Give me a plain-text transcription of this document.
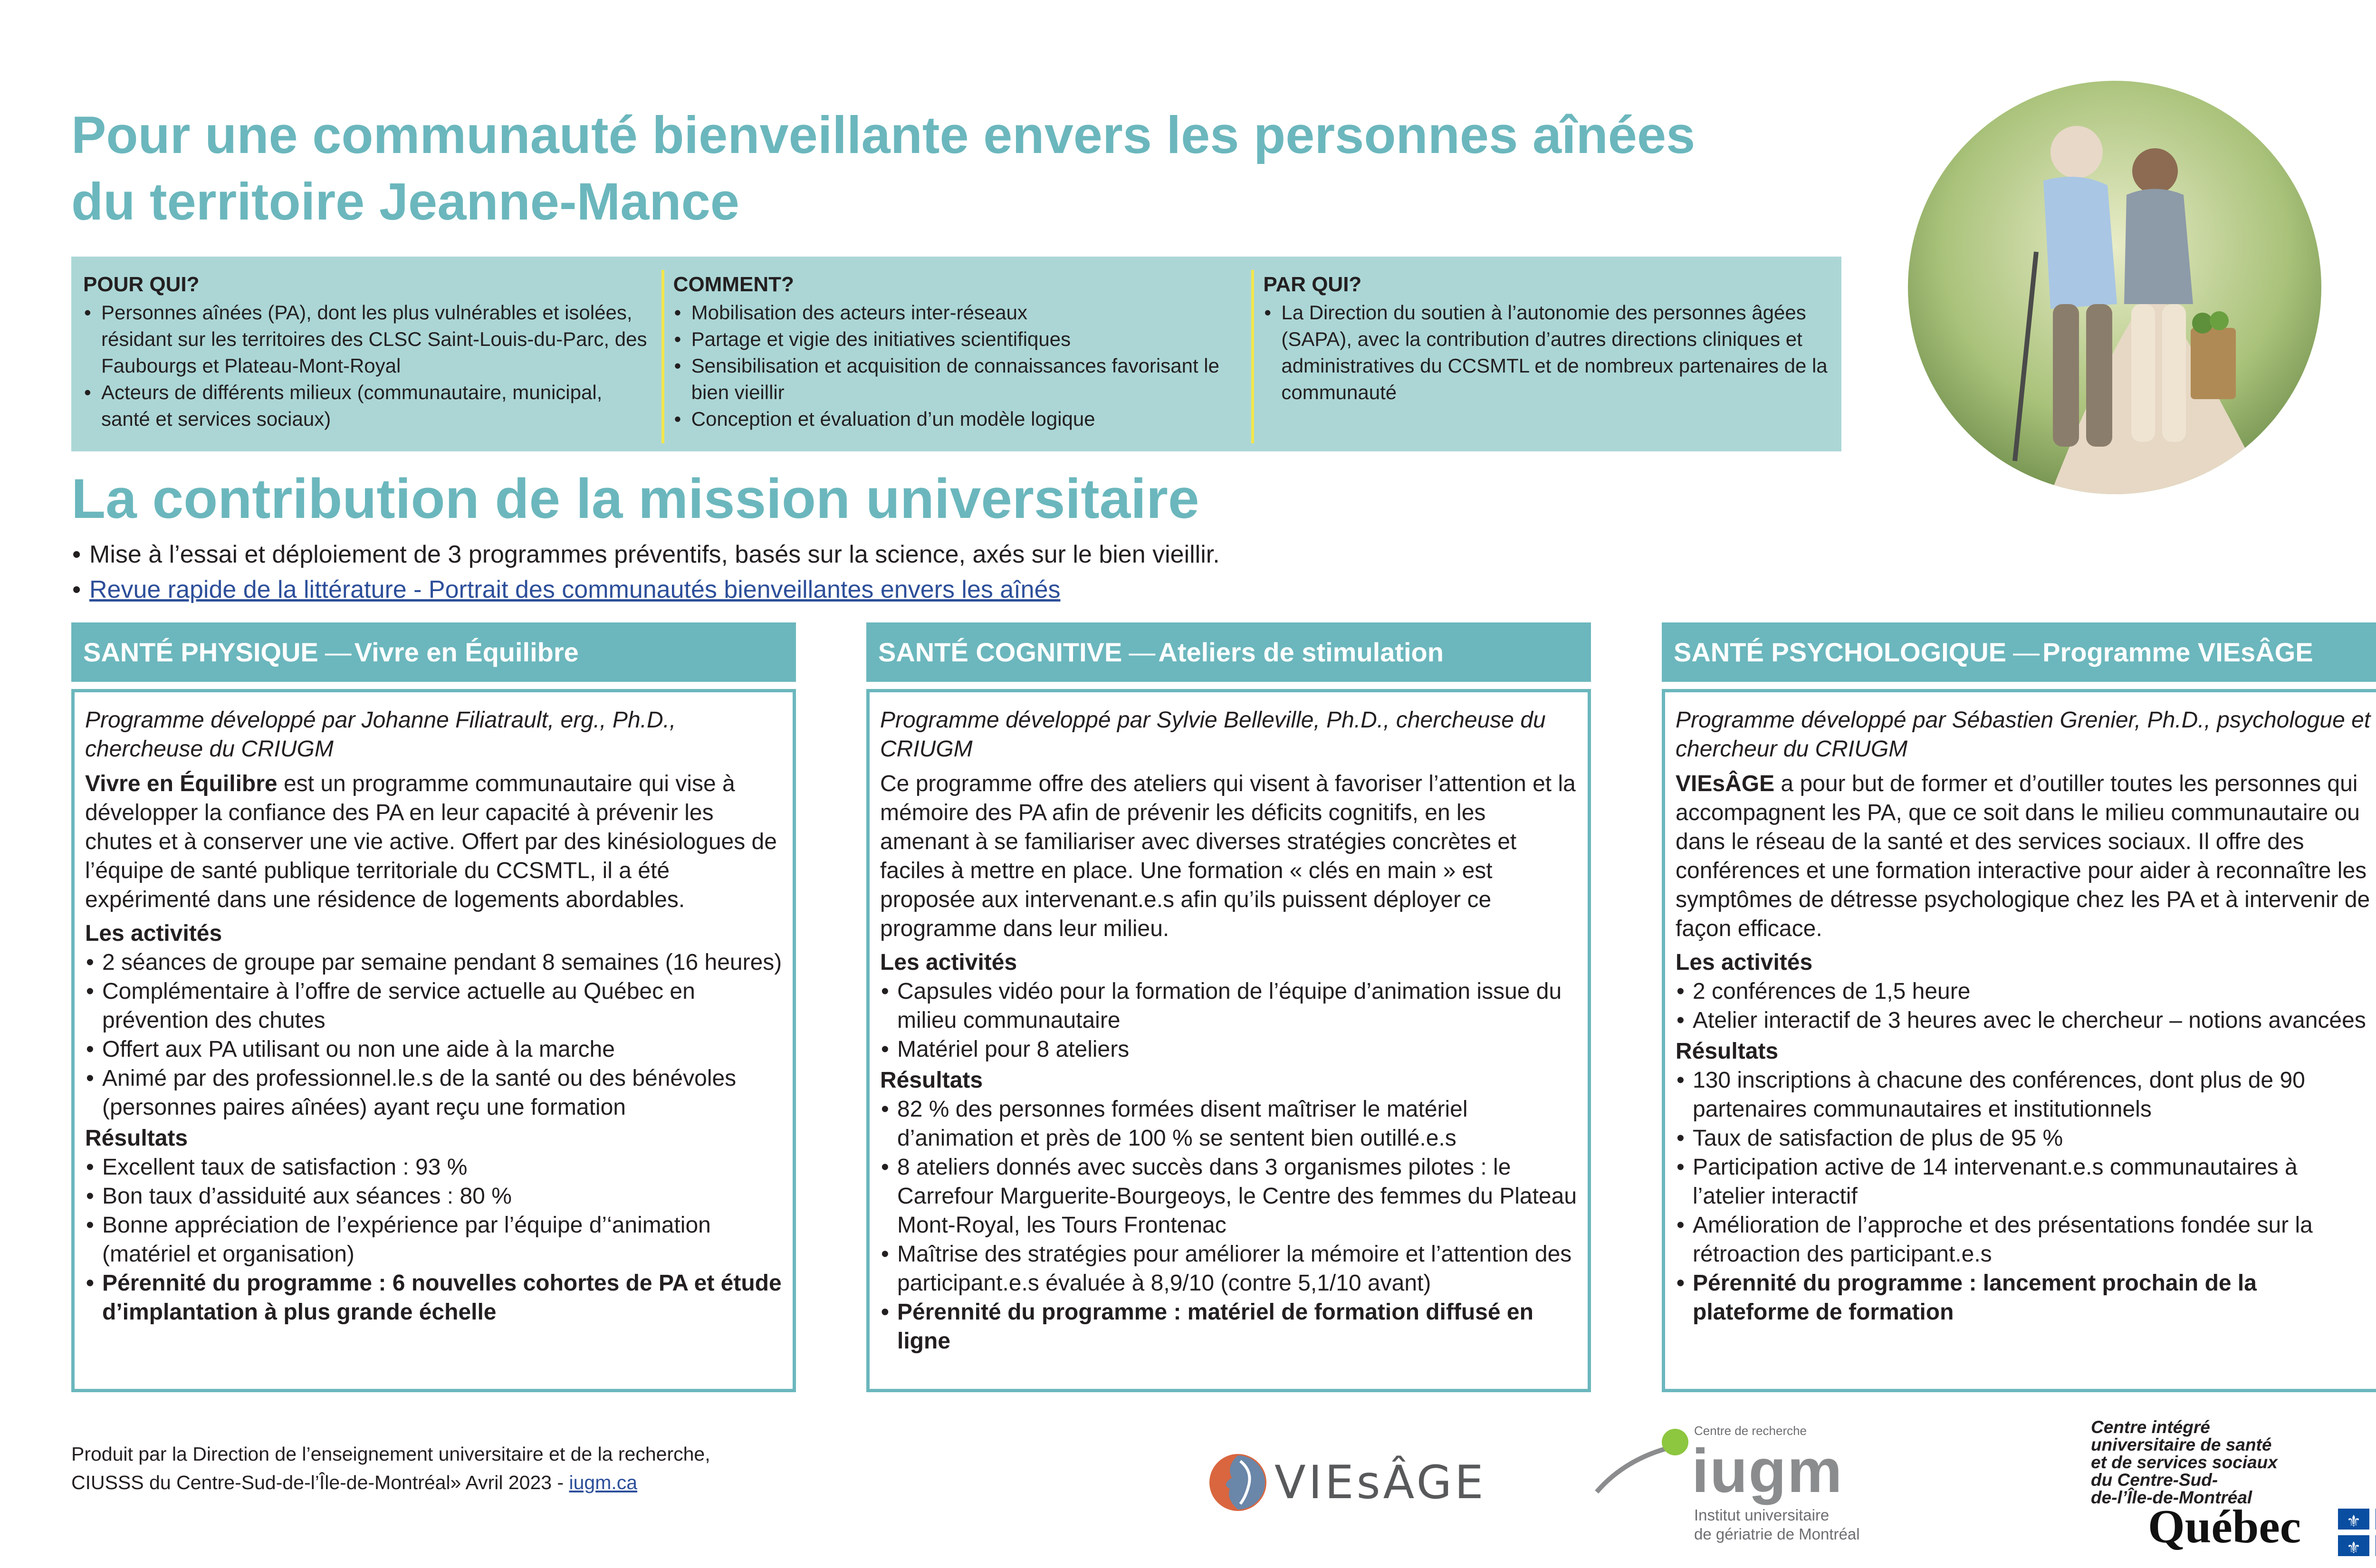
Pour une communauté bienveillante envers les personnes aînées
du territoire Jeanne-Mance
POUR QUI?
• Personnes aînées (PA), dont les plus vulnérables et isolées, résidant sur les territoires des CLSC Saint-Louis-du-Parc, des Faubourgs et Plateau-Mont-Royal
• Acteurs de différents milieux (communautaire, municipal, santé et services sociaux)
COMMENT?
• Mobilisation des acteurs inter-réseaux
• Partage et vigie des initiatives scientifiques
• Sensibilisation et acquisition de connaissances favorisant le bien vieillir
• Conception et évaluation d’un modèle logique
PAR QUI?
• La Direction du soutien à l’autonomie des personnes âgées (SAPA), avec la contribution d’autres directions cliniques et administratives du CCSMTL et de nombreux partenaires de la communauté
La contribution de la mission universitaire
• Mise à l’essai et déploiement de 3 programmes préventifs, basés sur la science, axés sur le bien vieillir.
• Revue rapide de la littérature - Portrait des communautés bienveillantes envers les aînés
SANTÉ PHYSIQUE — Vivre en Équilibre
Programme développé par Johanne Filiatrault, erg., Ph.D., chercheuse du CRIUGM

Vivre en Équilibre est un programme communautaire qui vise à développer la confiance des PA en leur capacité à prévenir les chutes et à conserver une vie active. Offert par des kinésiologues de l’équipe de santé publique territoriale du CCSMTL, il a été expérimenté dans une résidence de logements abordables.

Les activités
• 2 séances de groupe par semaine pendant 8 semaines (16 heures)
• Complémentaire à l’offre de service actuelle au Québec en prévention des chutes
• Offert aux PA utilisant ou non une aide à la marche
• Animé par des professionnel.le.s de la santé ou des bénévoles (personnes paires aînées) ayant reçu une formation
Résultats
• Excellent taux de satisfaction : 93 %
• Bon taux d’assiduité aux séances : 80 %
• Bonne appréciation de l’expérience par l’équipe d’‘animation (matériel et organisation)
• Pérennité du programme : 6 nouvelles cohortes de PA et étude d’implantation à plus grande échelle
SANTÉ COGNITIVE — Ateliers de stimulation
Programme développé par Sylvie Belleville, Ph.D., chercheuse du CRIUGM

Ce programme offre des ateliers qui visent à favoriser l’attention et la mémoire des PA afin de prévenir les déficits cognitifs, en les amenant à se familiariser avec diverses stratégies concrètes et faciles à mettre en place. Une formation « clés en main » est proposée aux intervenant.e.s afin qu’ils puissent déployer ce programme dans leur milieu.

Les activités
• Capsules vidéo pour la formation de l’équipe d’animation issue du milieu communautaire
• Matériel pour 8 ateliers
Résultats
• 82 % des personnes formées disent maîtriser le matériel d’animation et près de 100 % se sentent bien outillé.e.s
• 8 ateliers donnés avec succès dans 3 organismes pilotes : le Carrefour Marguerite-Bourgeoys, le Centre des femmes du Plateau Mont-Royal, les Tours Frontenac
• Maîtrise des stratégies pour améliorer la mémoire et l’attention des participant.e.s évaluée à 8,9/10 (contre 5,1/10 avant)
• Pérennité du programme : matériel de formation diffusé en ligne
SANTÉ PSYCHOLOGIQUE — Programme VIEsÂGE
Programme développé par Sébastien Grenier, Ph.D., psychologue et chercheur du CRIUGM

VIEsÂGE a pour but de former et d’outiller toutes les personnes qui accompagnent les PA, que ce soit dans le milieu communautaire ou dans le réseau de la santé et des services sociaux. Il offre des conférences et une formation interactive pour aider à reconnaître les symptômes de détresse psychologique chez les PA et à intervenir de façon efficace.

Les activités
• 2 conférences de 1,5 heure
• Atelier interactif de 3 heures avec le chercheur – notions avancées
Résultats
• 130 inscriptions à chacune des conférences, dont plus de 90 partenaires communautaires et institutionnels
• Taux de satisfaction de plus de 95 %
• Participation active de 14 intervenant.e.s communautaires à l’atelier interactif
• Amélioration de l’approche et des présentations fondée sur la rétroaction des participant.e.s
• Pérennité du programme : lancement prochain de la plateforme de formation
Produit par la Direction de l’enseignement universitaire et de la recherche,
CIUSSS du Centre-Sud-de-l’Île-de-Montréal» Avril 2023 - iugm.ca	VIEsÂGE
Centre de recherche
iugm
Institut universitaire
de gériatrie de Montréal
Centre intégré
universitaire de santé
et de services sociaux
du Centre-Sud-
de-l’Île-de-Montréal
Québec	⚜
⚜
